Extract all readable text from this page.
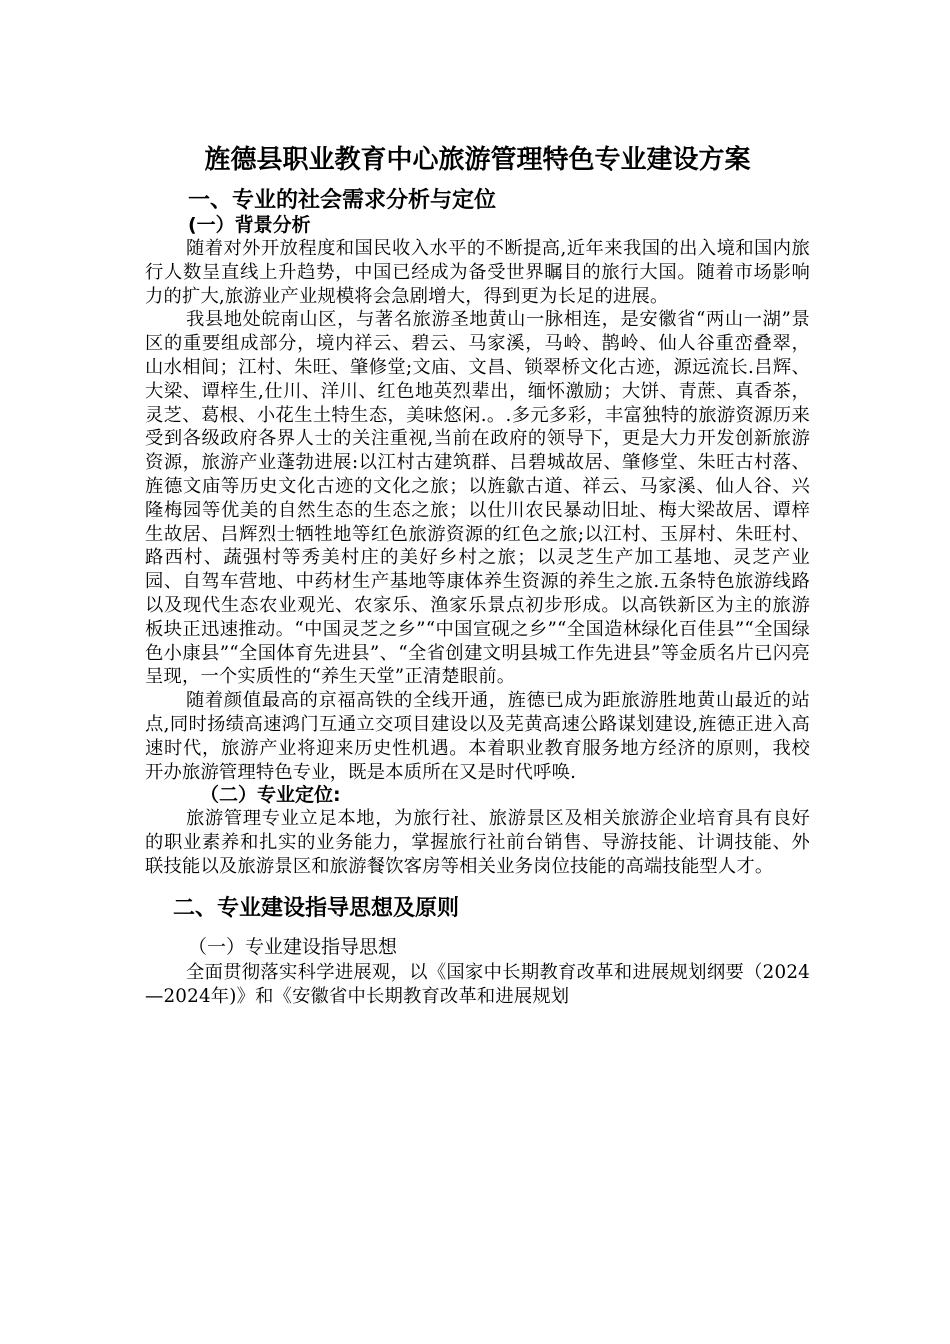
旌德县职业教育中心旅游管理特色专业建设方案
一、专业的社会需求分析与定位
(一）背景分析

随着对外开放程度和国民收入水平的不断提高,近年来我国的出入境和国内旅行人数呈直线上升趋势，中国已经成为备受世界瞩目的旅行大国。随着市场影响力的扩大,旅游业产业规模将会急剧增大，得到更为长足的进展。

我县地处皖南山区，与著名旅游圣地黄山一脉相连，是安徽省“两山一湖”景区的重要组成部分，境内祥云、碧云、马家溪，马岭、鹊岭、仙人谷重峦叠翠，山水相间；江村、朱旺、肇修堂;文庙、文昌、锁翠桥文化古迹，源远流长.吕辉、大梁、谭梓生,仕川、洋川、红色地英烈辈出，缅怀激励；大饼、青蔗、真香茶，灵芝、葛根、小花生土特生态，美味悠闲.。.多元多彩，丰富独特的旅游资源历来受到各级政府各界人士的关注重视,当前在政府的领导下，更是大力开发创新旅游资源，旅游产业蓬勃进展:以江村古建筑群、吕碧城故居、肇修堂、朱旺古村落、旌德文庙等历史文化古迹的文化之旅；以旌歙古道、祥云、马家溪、仙人谷、兴隆梅园等优美的自然生态的生态之旅；以仕川农民暴动旧址、梅大梁故居、谭梓生故居、吕辉烈士牺牲地等红色旅游资源的红色之旅;以江村、玉屏村、朱旺村、路西村、蔬强村等秀美村庄的美好乡村之旅；以灵芝生产加工基地、灵芝产业园、自驾车营地、中药材生产基地等康体养生资源的养生之旅.五条特色旅游线路以及现代生态农业观光、农家乐、渔家乐景点初步形成。以高铁新区为主的旅游板块正迅速推动。“中国灵芝之乡”“中国宣砚之乡”“全国造林绿化百佳县”“全国绿色小康县”“全国体育先进县”、“全省创建文明县城工作先进县”等金质名片已闪亮呈现，一个实质性的“养生天堂”正清楚眼前。

随着颜值最高的京福高铁的全线开通，旌德已成为距旅游胜地黄山最近的站点,同时扬绩高速鸿门互通立交项目建设以及芜黄高速公路谋划建设,旌德正进入高速时代，旅游产业将迎来历史性机遇。本着职业教育服务地方经济的原则，我校开办旅游管理特色专业，既是本质所在又是时代呼唤.

（二）专业定位:

旅游管理专业立足本地，为旅行社、旅游景区及相关旅游企业培育具有良好的职业素养和扎实的业务能力，掌握旅行社前台销售、导游技能、计调技能、外联技能以及旅游景区和旅游餐饮客房等相关业务岗位技能的高端技能型人才。

二、专业建设指导思想及原则
（一）专业建设指导思想

全面贯彻落实科学进展观，以《国家中长期教育改革和进展规划纲要（2024—2024年)》和《安徽省中长期教育改革和进展规划
